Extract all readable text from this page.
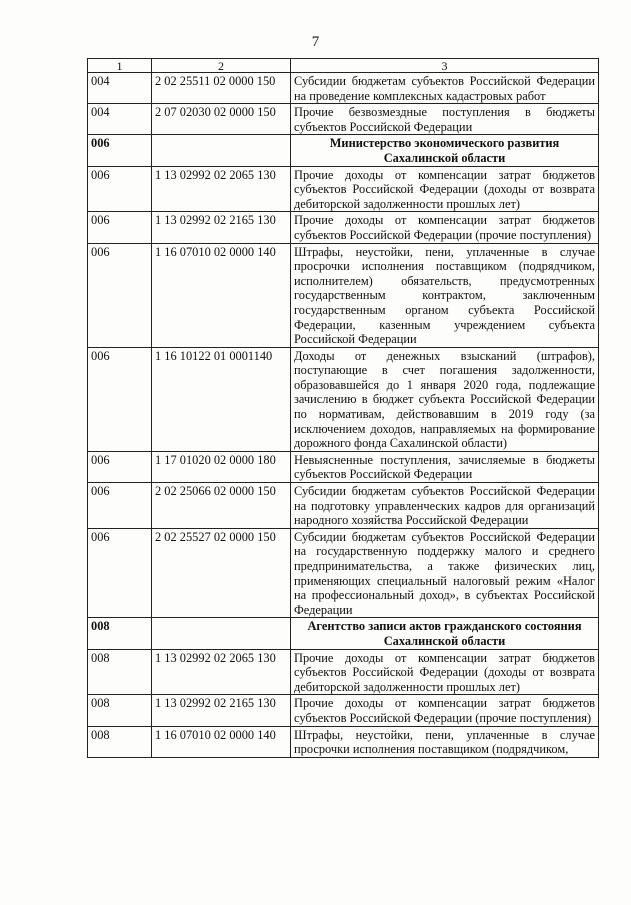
7
1	2	3
004	2 02 25511 02 0000 150	Субсидии бюджетам субъектов Российской Федерации на проведение комплексных кадастровых работ
004	2 07 02030 02 0000 150	Прочие безвозмездные поступления в бюджеты субъектов Российской Федерации
006		Министерство экономического развития Сахалинской области
006	1 13 02992 02 2065 130	Прочие доходы от компенсации затрат бюджетов субъектов Российской Федерации (доходы от возврата дебиторской задолженности прошлых лет)
006	1 13 02992 02 2165 130	Прочие доходы от компенсации затрат бюджетов субъектов Российской Федерации (прочие поступления)
006	1 16 07010 02 0000 140	Штрафы, неустойки, пени, уплаченные в случае просрочки исполнения поставщиком (подрядчиком, исполнителем) обязательств, предусмотренных государственным контрактом, заключенным государственным органом субъекта Российской Федерации, казенным учреждением субъекта Российской Федерации
006	1 16 10122 01 0001140	Доходы от денежных взысканий (штрафов), поступающие в счет погашения задолженности, образовавшейся до 1 января 2020 года, подлежащие зачислению в бюджет субъекта Российской Федерации по нормативам, действовавшим в 2019 году (за исключением доходов, направляемых на формирование дорожного фонда Сахалинской области)
006	1 17 01020 02 0000 180	Невыясненные поступления, зачисляемые в бюджеты субъектов Российской Федерации
006	2 02 25066 02 0000 150	Субсидии бюджетам субъектов Российской Федерации на подготовку управленческих кадров для организаций народного хозяйства Российской Федерации
006	2 02 25527 02 0000 150	Субсидии бюджетам субъектов Российской Федерации на государственную поддержку малого и среднего предпринимательства, а также физических лиц, применяющих специальный налоговый режим «Налог на профессиональный доход», в субъектах Российской Федерации
008		Агентство записи актов гражданского состояния Сахалинской области
008	1 13 02992 02 2065 130	Прочие доходы от компенсации затрат бюджетов субъектов Российской Федерации (доходы от возврата дебиторской задолженности прошлых лет)
008	1 13 02992 02 2165 130	Прочие доходы от компенсации затрат бюджетов субъектов Российской Федерации (прочие поступления)
008	1 16 07010 02 0000 140	Штрафы, неустойки, пени, уплаченные в случае просрочки исполнения поставщиком (подрядчиком,
